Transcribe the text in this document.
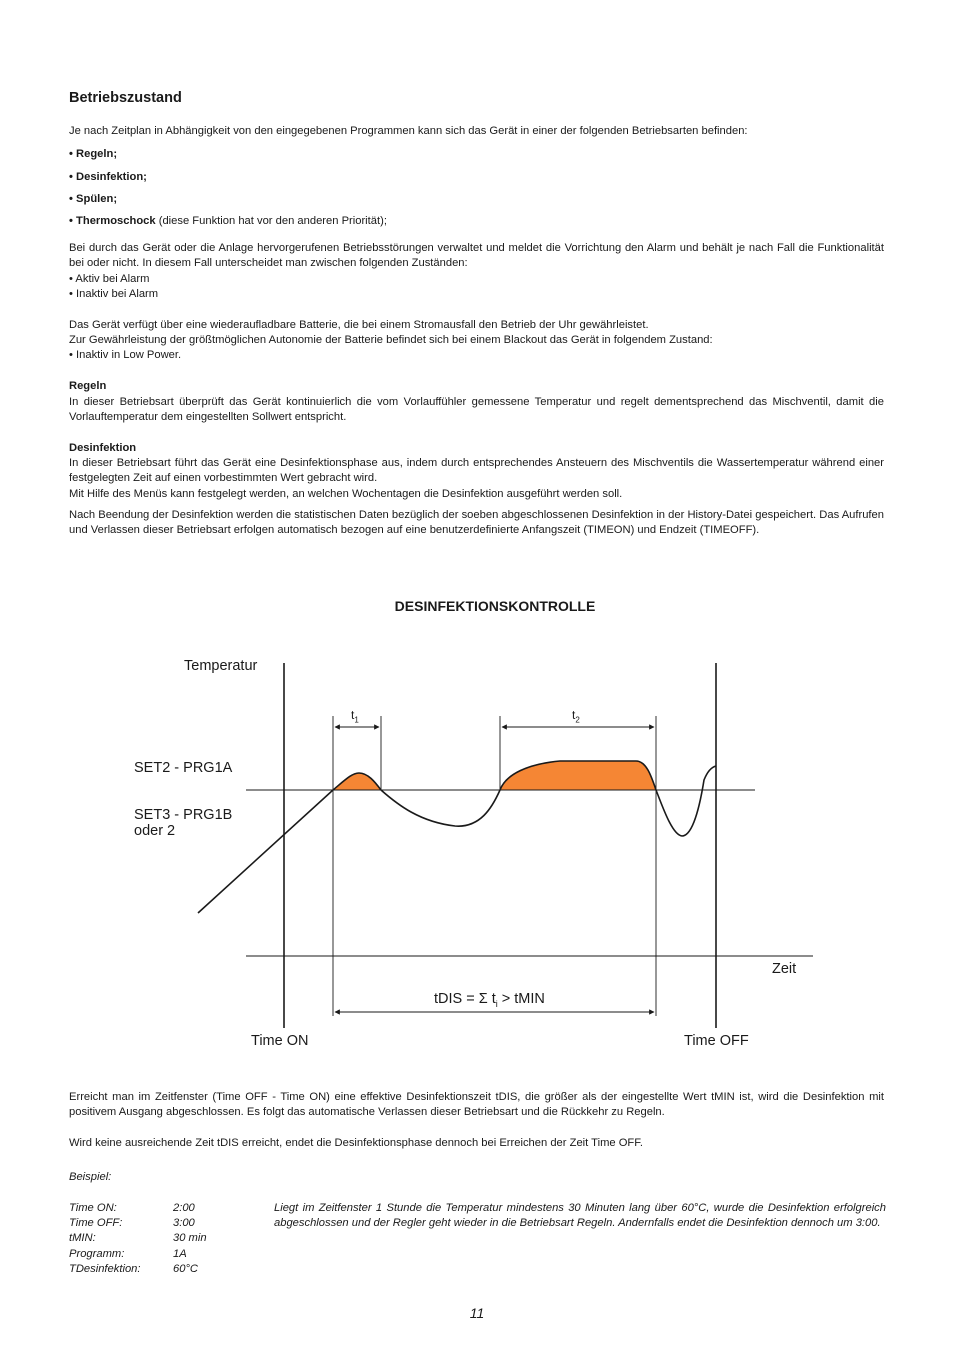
Betriebszustand

Je nach Zeitplan in Abhängigkeit von den eingegebenen Programmen kann sich das Gerät in einer der folgenden Betriebsarten befinden:

• Regeln;

• Desinfektion;

• Spülen;

• Thermoschock (diese Funktion hat vor den anderen Priorität);

Bei durch das Gerät oder die Anlage hervorgerufenen Betriebsstörungen verwaltet und meldet die Vorrichtung den Alarm und behält je nach Fall die Funktionalität bei oder nicht. In diesem Fall unterscheidet man zwischen folgenden Zuständen:

• Aktiv bei Alarm

• Inaktiv bei Alarm

Das Gerät verfügt über eine wiederaufladbare Batterie, die bei einem Stromausfall den Betrieb der Uhr gewährleistet.

Zur Gewährleistung der größtmöglichen Autonomie der Batterie befindet sich bei einem Blackout das Gerät in folgendem Zustand:

• Inaktiv in Low Power.

Regeln

In dieser Betriebsart überprüft das Gerät kontinuierlich die vom Vorlauffühler gemessene Temperatur und regelt dementsprechend das Mischventil, damit die Vorlauftemperatur dem eingestellten Sollwert entspricht.

Desinfektion

In dieser Betriebsart führt das Gerät eine Desinfektionsphase aus, indem durch entsprechendes Ansteuern des Mischventils die Wassertemperatur während einer festgelegten Zeit auf einen vorbestimmten Wert gebracht wird.

Mit Hilfe des Menüs kann festgelegt werden, an welchen Wochentagen die Desinfektion ausgeführt werden soll.

Nach Beendung der Desinfektion werden die statistischen Daten bezüglich der soeben abgeschlossenen Desinfektion in der History-Datei gespeichert. Das Aufrufen und Verlassen dieser Betriebsart erfolgen automatisch bezogen auf eine benutzerdefinierte Anfangszeit (TIMEON) und Endzeit (TIMEOFF).

DESINFEKTIONSKONTROLLE
Temperatur
$t_1$	$t_2$
SET2 - PRG1A
SET3 - PRG1B
oder 2
Zeit
tDIS = Σ $t_i$ > tMIN
Time ON	Time OFF

Erreicht man im Zeitfenster (Time OFF - Time ON) eine effektive Desinfektionszeit tDIS, die größer als der eingestellte Wert tMIN ist, wird die Desinfektion mit positivem Ausgang abgeschlossen. Es folgt das automatische Verlassen dieser Betriebsart und die Rückkehr zu Regeln.

Wird keine ausreichende Zeit tDIS erreicht, endet die Desinfektionsphase dennoch bei Erreichen der Zeit Time OFF.

Beispiel:
Time ON:	2:00
Time OFF:	3:00
tMIN:	30 min
Programm:	1A
TDesinfektion:	60°C
Liegt im Zeitfenster 1 Stunde die Temperatur mindestens 30 Minuten lang über 60°C, wurde die Desinfektion erfolgreich abgeschlossen und der Regler geht wieder in die Betriebsart Regeln. Andernfalls endet die Desinfektion dennoch um 3:00.
11
